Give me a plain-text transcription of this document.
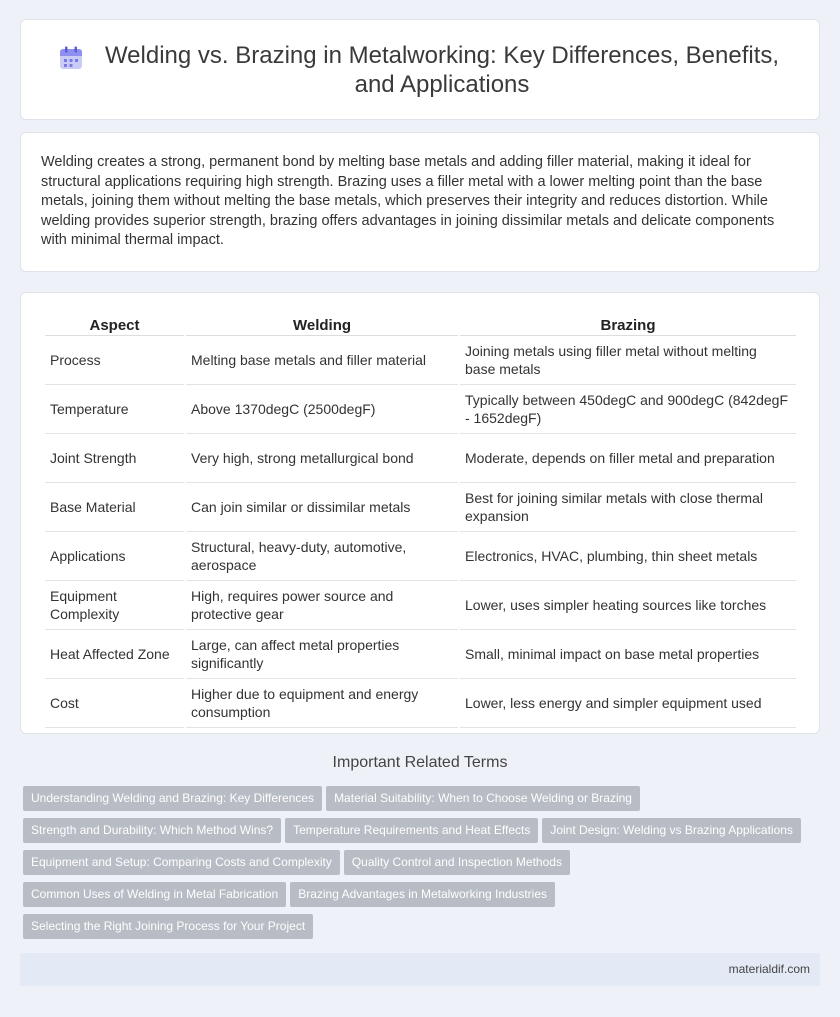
Welding vs. Brazing in Metalworking: Key Differences, Benefits, and Applications

Welding creates a strong, permanent bond by melting base metals and adding filler material, making it ideal for structural applications requiring high strength. Brazing uses a filler metal with a lower melting point than the base metals, joining them without melting the base metals, which preserves their integrity and reduces distortion. While welding provides superior strength, brazing offers advantages in joining dissimilar metals and delicate components with minimal thermal impact.

Aspect	Welding	Brazing
Process	Melting base metals and filler material	Joining metals using filler metal without melting base metals
Temperature	Above 1370degC (2500degF)	Typically between 450degC and 900degC (842degF - 1652degF)
Joint Strength	Very high, strong metallurgical bond	Moderate, depends on filler metal and preparation
Base Material	Can join similar or dissimilar metals	Best for joining similar metals with close thermal expansion
Applications	Structural, heavy-duty, automotive, aerospace	Electronics, HVAC, plumbing, thin sheet metals
Equipment Complexity	High, requires power source and protective gear	Lower, uses simpler heating sources like torches
Heat Affected Zone	Large, can affect metal properties significantly	Small, minimal impact on base metal properties
Cost	Higher due to equipment and energy consumption	Lower, less energy and simpler equipment used
Important Related Terms
Understanding Welding and Brazing: Key Differences Material Suitability: When to Choose Welding or Brazing
Strength and Durability: Which Method Wins? Temperature Requirements and Heat Effects Joint Design: Welding vs Brazing Applications
Equipment and Setup: Comparing Costs and Complexity Quality Control and Inspection Methods
Common Uses of Welding in Metal Fabrication Brazing Advantages in Metalworking Industries
Selecting the Right Joining Process for Your Project
materialdif.com
